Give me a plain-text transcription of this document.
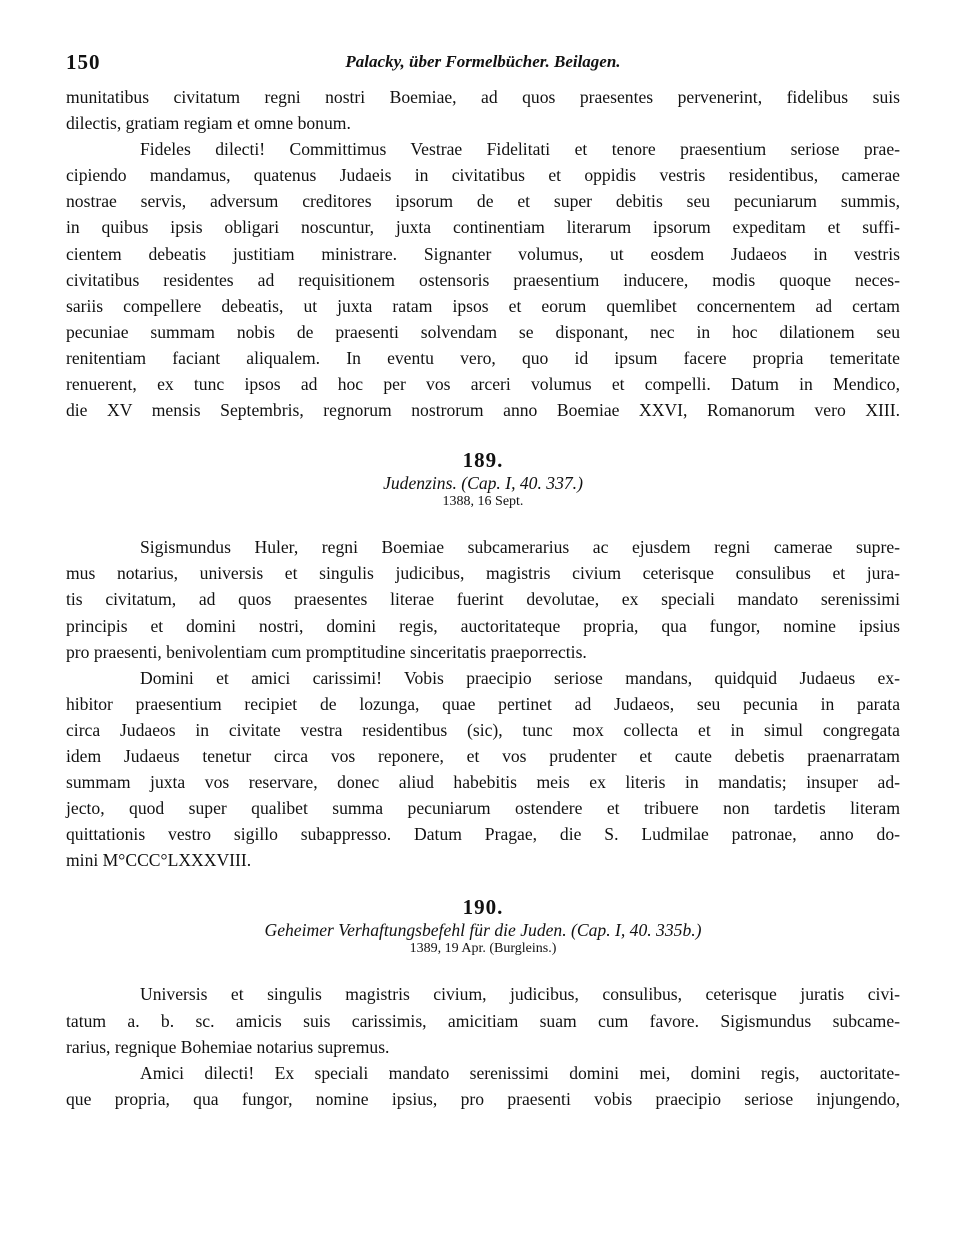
150	Palacky, über Formelbücher. Beilagen.
munitatibus civitatum regni nostri Boemiae, ad quos praesentes pervenerint, fidelibus suis
dilectis, gratiam regiam et omne bonum.
Fideles dilecti! Committimus Vestrae Fidelitati et tenore praesentium seriose prae-
cipiendo mandamus, quatenus Judaeis in civitatibus et oppidis vestris residentibus, camerae
nostrae servis, adversum creditores ipsorum de et super debitis seu pecuniarum summis,
in quibus ipsis obligari noscuntur, juxta continentiam literarum ipsorum expeditam et suffi-
cientem debeatis justitiam ministrare. Signanter volumus, ut eosdem Judaeos in vestris
civitatibus residentes ad requisitionem ostensoris praesentium inducere, modis quoque neces-
sariis compellere debeatis, ut juxta ratam ipsos et eorum quemlibet concernentem ad certam
pecuniae summam nobis de praesenti solvendam se disponant, nec in hoc dilationem seu
renitentiam faciant aliqualem. In eventu vero, quo id ipsum facere propria temeritate
renuerent, ex tunc ipsos ad hoc per vos arceri volumus et compelli. Datum in Mendico,
die XV mensis Septembris, regnorum nostrorum anno Boemiae XXVI, Romanorum vero XIII.
189.
Judenzins. (Cap. I, 40. 337.)
1388, 16 Sept.
Sigismundus Huler, regni Boemiae subcamerarius ac ejusdem regni camerae supre-
mus notarius, universis et singulis judicibus, magistris civium ceterisque consulibus et jura-
tis civitatum, ad quos praesentes literae fuerint devolutae, ex speciali mandato serenissimi
principis et domini nostri, domini regis, auctoritateque propria, qua fungor, nomine ipsius
pro praesenti, benivolentiam cum promptitudine sinceritatis praeporrectis.
Domini et amici carissimi! Vobis praecipio seriose mandans, quidquid Judaeus ex-
hibitor praesentium recipiet de lozunga, quae pertinet ad Judaeos, seu pecunia in parata
circa Judaeos in civitate vestra residentibus (sic), tunc mox collecta et in simul congregata
idem Judaeus tenetur circa vos reponere, et vos prudenter et caute debetis praenarratam
summam juxta vos reservare, donec aliud habebitis meis ex literis in mandatis; insuper ad-
jecto, quod super qualibet summa pecuniarum ostendere et tribuere non tardetis literam
quittationis vestro sigillo subappresso. Datum Pragae, die S. Ludmilae patronae, anno do-
mini M°CCC°LXXXVIII.
190.
Geheimer Verhaftungsbefehl für die Juden. (Cap. I, 40. 335b.)
1389, 19 Apr. (Burgleins.)
Universis et singulis magistris civium, judicibus, consulibus, ceterisque juratis civi-
tatum a. b. sc. amicis suis carissimis, amicitiam suam cum favore. Sigismundus subcame-
rarius, regnique Bohemiae notarius supremus.
Amici dilecti! Ex speciali mandato serenissimi domini mei, domini regis, auctoritate-
que propria, qua fungor, nomine ipsius, pro praesenti vobis praecipio seriose injungendo,
